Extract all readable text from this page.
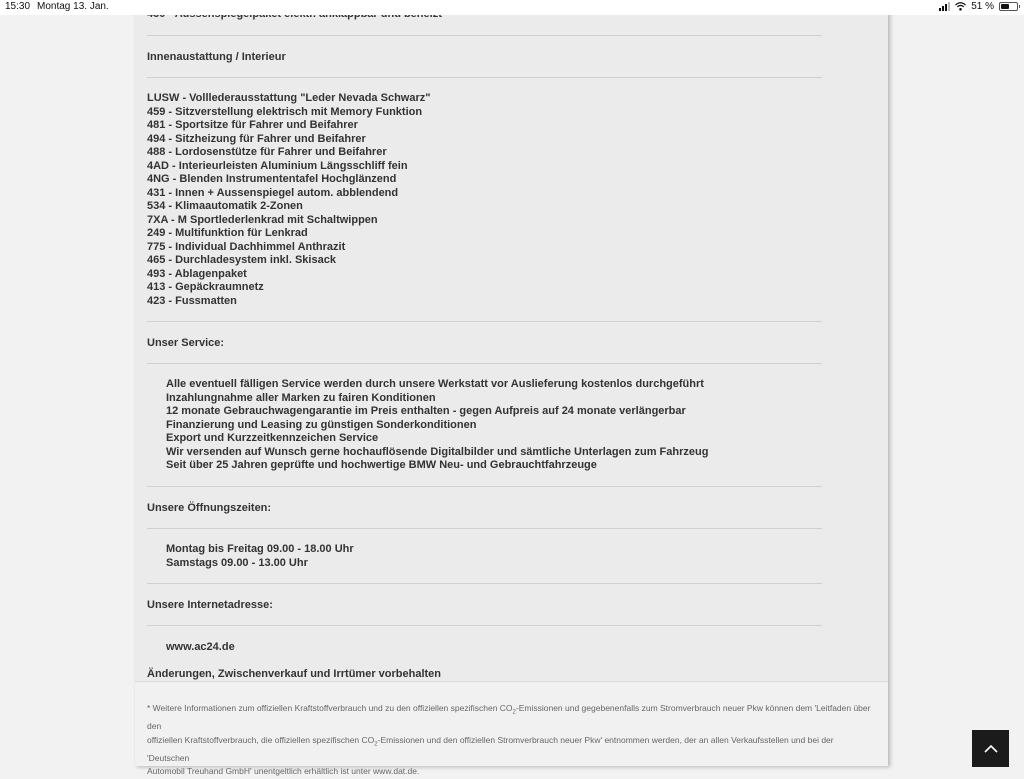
15:30 Montag 13. Jan.	51 %
Innenaustattung / Interieur
LUSW - Volllederausstattung "Leder Nevada Schwarz"
459 - Sitzverstellung elektrisch mit Memory Funktion
481 - Sportsitze für Fahrer und Beifahrer
494 - Sitzheizung für Fahrer und Beifahrer
488 - Lordosenstütze für Fahrer und Beifahrer
4AD - Interieurleisten Aluminium Längsschliff fein
4NG - Blenden Instrumententafel Hochglänzend
431 - Innen + Aussenspiegel autom. abblendend
534 - Klimaautomatik 2-Zonen
7XA - M Sportlederlenkrad mit Schaltwippen
249 - Multifunktion für Lenkrad
775 - Individual Dachhimmel Anthrazit
465 - Durchladesystem inkl. Skisack
493 - Ablagenpaket
413 - Gepäckraumnetz
423 - Fussmatten
Unser Service:
Alle eventuell fälligen Service werden durch unsere Werkstatt vor Auslieferung kostenlos durchgeführt
Inzahlungnahme aller Marken zu fairen Konditionen
12 monate Gebrauchwagengarantie im Preis enthalten - gegen Aufpreis auf 24 monate verlängerbar
Finanzierung und Leasing zu günstigen Sonderkonditionen
Export und Kurzzeitkennzeichen Service
Wir versenden auf Wunsch gerne hochauflösende Digitalbilder und sämtliche Unterlagen zum Fahrzeug
Seit über 25 Jahren geprüfte und hochwertige BMW Neu- und Gebrauchtfahrzeuge
Unsere Öffnungszeiten:
Montag bis Freitag 09.00 - 18.00 Uhr
Samstags 09.00 - 13.00 Uhr
Unsere Internetadresse:
www.ac24.de
Änderungen, Zwischenverkauf und Irrtümer vorbehalten
* Weitere Informationen zum offiziellen Kraftstoffverbrauch und zu den offiziellen spezifischen $CO_2$-Emissionen und gegebenenfalls zum Stromverbrauch neuer Pkw können dem 'Leitfaden über den
offiziellen Kraftstoffverbrauch, die offiziellen spezifischen $CO_2$-Emissionen und den offiziellen Stromverbrauch neuer Pkw' entnommen werden, der an allen Verkaufsstellen und bei der 'Deutschen
Automobil Treuhand GmbH' unentgeltlich erhältlich ist unter www.dat.de.
